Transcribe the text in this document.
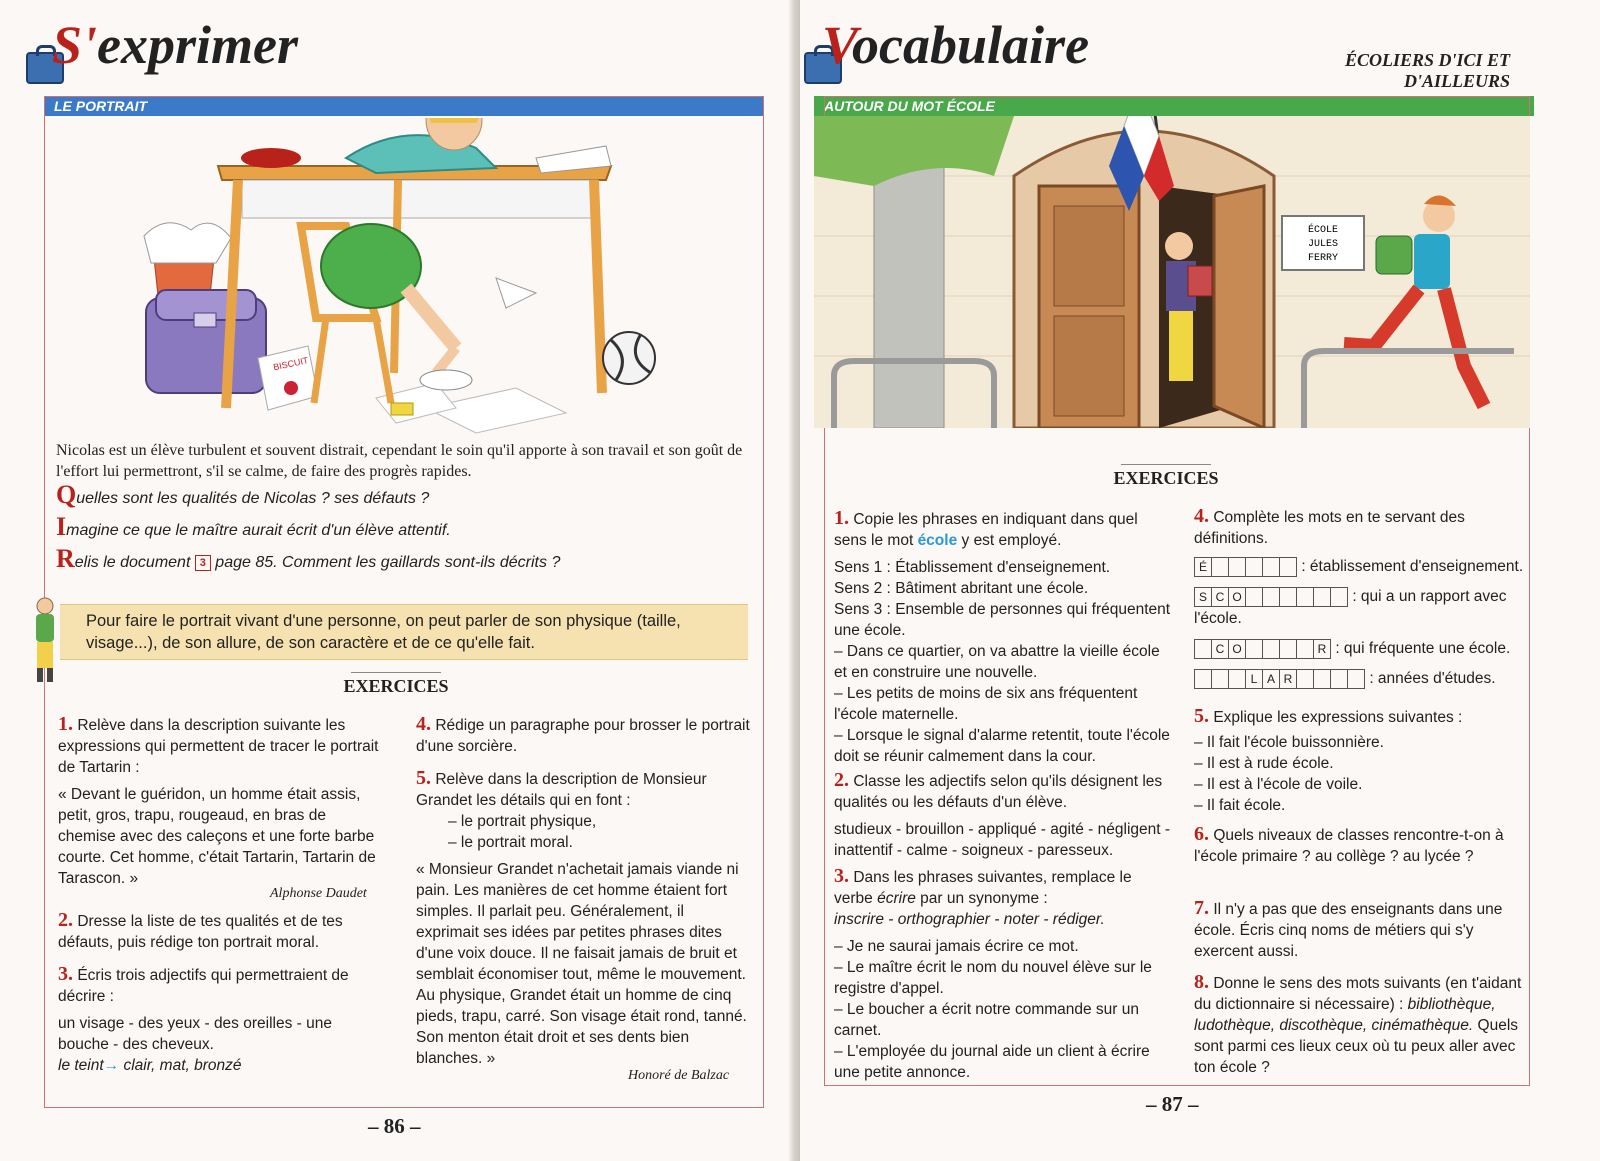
S'exprimer
LE PORTRAIT
BISCUIT
Nicolas est un élève turbulent et souvent distrait, cependant le soin qu'il apporte à son travail et son goût de l'effort lui permettront, s'il se calme, de faire des progrès rapides.
Quelles sont les qualités de Nicolas ? ses défauts ?
Imagine ce que le maître aurait écrit d'un élève attentif.
Relis le document 3 page 85. Comment les gaillards sont-ils décrits ?
Pour faire le portrait vivant d'une personne, on peut parler de son physique (taille, visage...), de son allure, de son caractère et de ce qu'elle fait.
EXERCICES

1. Relève dans la description suivante les expressions qui permettent de tracer le portrait de Tartarin :

« Devant le guéridon, un homme était assis, petit, gros, trapu, rougeaud, en bras de chemise avec des caleçons et une forte barbe courte. Cet homme, c'était Tartarin, Tartarin de Tarascon. »

Alphonse Daudet

2. Dresse la liste de tes qualités et de tes défauts, puis rédige ton portrait moral.

3. Écris trois adjectifs qui permettraient de décrire :

un visage - des yeux - des oreilles - une bouche - des cheveux.

le teint→ clair, mat, bronzé

4. Rédige un paragraphe pour brosser le portrait d'une sorcière.

5. Relève dans la description de Monsieur Grandet les détails qui en font :

– le portrait physique,

– le portrait moral.

« Monsieur Grandet n'achetait jamais viande ni pain. Les manières de cet homme étaient fort simples. Il parlait peu. Généralement, il exprimait ses idées par petites phrases dites d'une voix douce. Il ne faisait jamais de bruit et semblait économiser tout, même le mouvement. Au physique, Grandet était un homme de cinq pieds, trapu, carré. Son visage était rond, tanné. Son menton était droit et ses dents bien blanches. »

Honoré de Balzac
– 86 –
Vocabulaire	ÉCOLIERS D'ICI ET D'AILLEURS
AUTOUR DU MOT ÉCOLE
ÉCOLE
JULES
FERRY
EXERCICES

1. Copie les phrases en indiquant dans quel sens le mot école y est employé.

Sens 1 : Établissement d'enseignement.

Sens 2 : Bâtiment abritant une école.

Sens 3 : Ensemble de personnes qui fréquentent une école.

– Dans ce quartier, on va abattre la vieille école et en construire une nouvelle.

– Les petits de moins de six ans fréquentent l'école maternelle.

– Lorsque le signal d'alarme retentit, toute l'école doit se réunir calmement dans la cour.

2. Classe les adjectifs selon qu'ils désignent les qualités ou les défauts d'un élève.

studieux - brouillon - appliqué - agité - négligent - inattentif - calme - soigneux - paresseux.

3. Dans les phrases suivantes, remplace le verbe écrire par un synonyme :

inscrire - orthographier - noter - rédiger.

– Je ne saurai jamais écrire ce mot.

– Le maître écrit le nom du nouvel élève sur le registre d'appel.

– Le boucher a écrit notre commande sur un carnet.

– L'employée du journal aide un client à écrire une petite annonce.

4. Complète les mots en te servant des définitions.

É	: établissement d'enseignement.
S C O	: qui a un rapport avec l'école.
C O	R : qui fréquente une école.
L A R	: années d'études.

5. Explique les expressions suivantes :

– Il fait l'école buissonnière.

– Il est à rude école.

– Il est à l'école de voile.

– Il fait école.

6. Quels niveaux de classes rencontre-t-on à l'école primaire ? au collège ? au lycée ?

7. Il n'y a pas que des enseignants dans une école. Écris cinq noms de métiers qui s'y exercent aussi.

8. Donne le sens des mots suivants (en t'aidant du dictionnaire si nécessaire) : bibliothèque, ludothèque, discothèque, cinémathèque. Quels sont parmi ces lieux ceux où tu peux aller avec ton école ?

– 87 –
